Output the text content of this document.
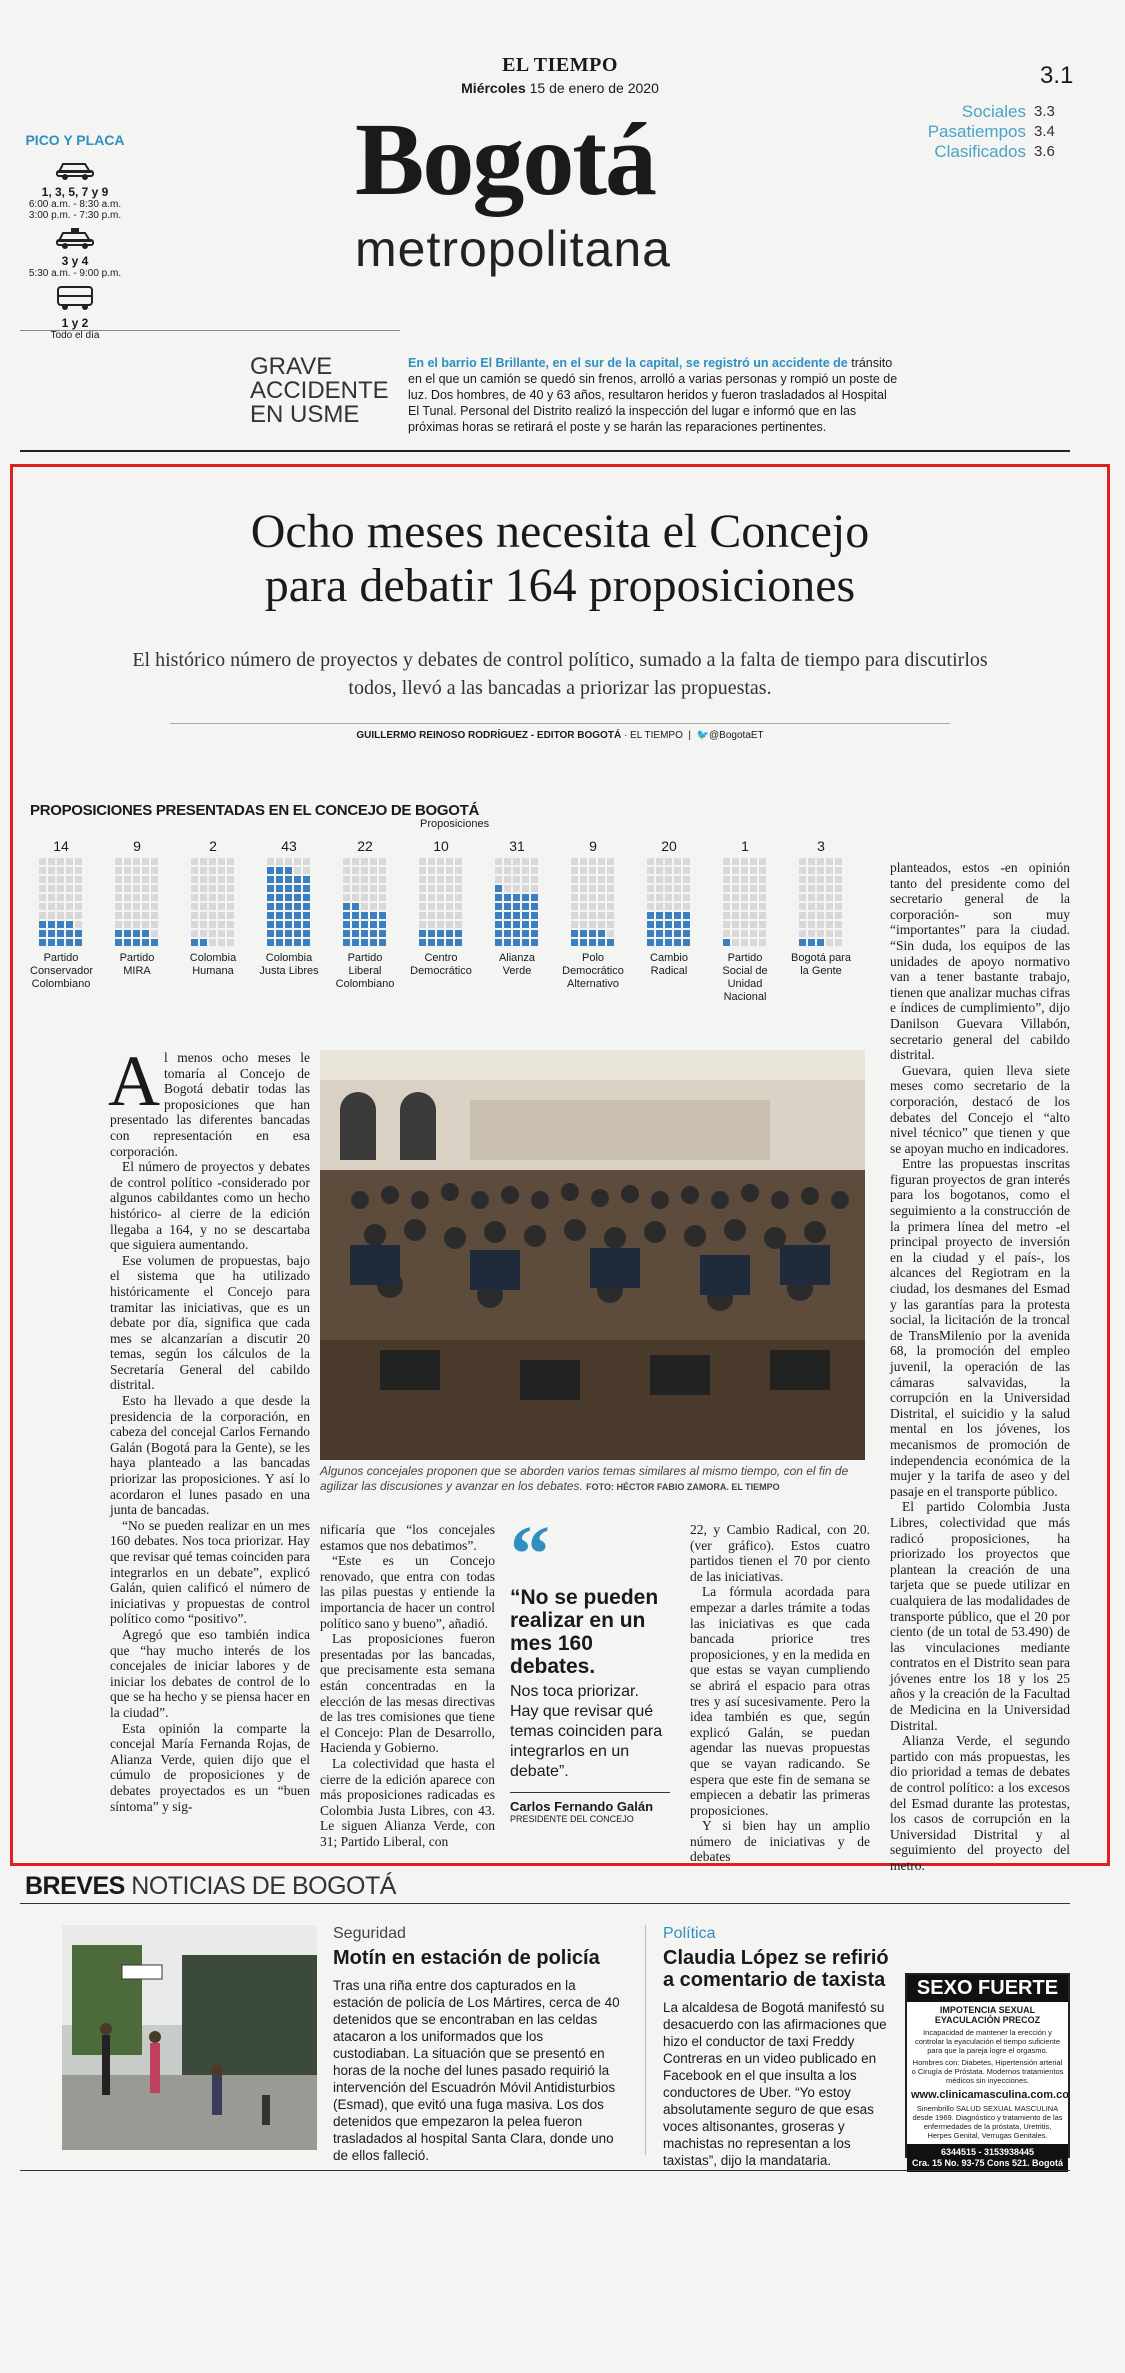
EL TIEMPO
Miércoles 15 de enero de 2020	3.1
Sociales 3.3
Pasatiempos 3.4
Clasificados 3.6
Bogotá
metropolitana
PICO Y PLACA
1, 3, 5, 7 y 9
6:00 a.m. - 8:30 a.m.
3:00 p.m. - 7:30 p.m.
3 y 4
5:30 a.m. - 9:00 p.m.
1 y 2
Todo el día
GRAVE
ACCIDENTE
EN USME
En el barrio El Brillante, en el sur de la capital, se registró un accidente de tránsito en el que un camión se quedó sin frenos, arrolló a varias personas y rompió un poste de luz. Dos hombres, de 40 y 63 años, resultaron heridos y fueron trasladados al Hospital El Tunal. Personal del Distrito realizó la inspección del lugar e informó que en las próximas horas se retirará el poste y se harán las reparaciones pertinentes.
Ocho meses necesita el Concejo
para debatir 164 proposiciones
El histórico número de proyectos y debates de control político, sumado a la falta de tiempo para discutirlos todos, llevó a las bancadas a priorizar las propuestas.
GUILLERMO REINOSO RODRÍGUEZ - EDITOR BOGOTÁ · EL TIEMPO  |  🐦@BogotaET
PROPOSICIONES PRESENTADAS EN EL CONCEJO DE BOGOTÁ
Proposiciones
14
Partido Conservador Colombiano
9
Partido MIRA
2
Colombia Humana
43
Colombia Justa Libres
22
Partido Liberal Colombiano
10
Centro Democrático
31
Alianza Verde
9
Polo Democrático Alternativo
20
Cambio Radical
1
Partido Social de Unidad Nacional
3
Bogotá para la Gente

Al menos ocho meses le tomaría al Concejo de Bogotá debatir todas las proposiciones que han presentado las diferentes bancadas con representación en esa corporación.

El número de proyectos y debates de control político -considerado por algunos cabildantes como un hecho histórico- al cierre de la edición llegaba a 164, y no se descartaba que siguiera aumentando.

Ese volumen de propuestas, bajo el sistema que ha utilizado históricamente el Concejo para tramitar las iniciativas, que es un debate por día, significa que cada mes se alcanzarían a discutir 20 temas, según los cálculos de la Secretaría General del cabildo distrital.

Esto ha llevado a que desde la presidencia de la corporación, en cabeza del concejal Carlos Fernando Galán (Bogotá para la Gente), se les haya planteado a las bancadas priorizar las proposiciones. Y así lo acordaron el lunes pasado en una junta de bancadas.

“No se pueden realizar en un mes 160 debates. Nos toca priorizar. Hay que revisar qué temas coinciden para integrarlos en un debate”, explicó Galán, quien calificó el número de iniciativas y propuestas de control político como “positivo”.

Agregó que eso también indica que “hay mucho interés de los concejales de iniciar labores y de iniciar los debates de control de lo que se ha hecho y se piensa hacer en la ciudad”.

Esta opinión la comparte la concejal María Fernanda Rojas, de Alianza Verde, quien dijo que el cúmulo de proposiciones y de debates proyectados es un “buen síntoma” y sig-

Algunos concejales proponen que se aborden varios temas similares al mismo tiempo, con el fin de agilizar las discusiones y avanzar en los debates. FOTO: HÉCTOR FABIO ZAMORA. EL TIEMPO

nificaría que “los concejales estamos que nos debatimos”.

“Este es un Concejo renovado, que entra con todas las pilas puestas y entiende la importancia de hacer un control político sano y bueno”, añadió.

Las proposiciones fueron presentadas por las bancadas, que precisamente esta semana están concentradas en la elección de las mesas directivas de las tres comisiones que tiene el Concejo: Plan de Desarrollo, Hacienda y Gobierno.

La colectividad que hasta el cierre de la edición aparece con más proposiciones radicadas es Colombia Justa Libres, con 43. Le siguen Alianza Verde, con 31; Partido Liberal, con

“
“No se pueden realizar en un mes 160 debates.
Nos toca priorizar. Hay que revisar qué temas coinciden para integrarlos en un debate”.
Carlos Fernando Galán
PRESIDENTE DEL CONCEJO

22, y Cambio Radical, con 20. (ver gráfico). Estos cuatro partidos tienen el 70 por ciento de las iniciativas.

La fórmula acordada para empezar a darles trámite a todas las iniciativas es que cada bancada priorice tres proposiciones, y en la medida en que estas se vayan cumpliendo se abrirá el espacio para otras tres y así sucesivamente. Pero la idea también es que, según explicó Galán, se puedan agendar las nuevas propuestas que se vayan radicando. Se espera que este fin de semana se empiecen a debatir las primeras proposiciones.

Y si bien hay un amplio número de iniciativas y de debates

planteados, estos -en opinión tanto del presidente como del secretario general de la corporación- son muy “importantes” para la ciudad. “Sin duda, los equipos de las unidades de apoyo normativo van a tener bastante trabajo, tienen que analizar muchas cifras e índices de cumplimiento”, dijo Danilson Guevara Villabón, secretario general del cabildo distrital.

Guevara, quien lleva siete meses como secretario de la corporación, destacó de los debates del Concejo el “alto nivel técnico” que tienen y que se apoyan mucho en indicadores.

Entre las propuestas inscritas figuran proyectos de gran interés para los bogotanos, como el seguimiento a la construcción de la primera línea del metro -el principal proyecto de inversión en la ciudad y el país-, los alcances del Regiotram en la ciudad, los desmanes del Esmad y las garantías para la protesta social, la licitación de la troncal de TransMilenio por la avenida 68, la promoción del empleo juvenil, la operación de las cámaras salvavidas, la corrupción en la Universidad Distrital, el suicidio y la salud mental en los jóvenes, los mecanismos de promoción de independencia económica de la mujer y la tarifa de aseo y del pasaje en el transporte público.

El partido Colombia Justa Libres, colectividad que más radicó proposiciones, ha priorizado los proyectos que plantean la creación de una tarjeta que se puede utilizar en cualquiera de las modalidades de transporte público, que el 20 por ciento (de un total de 53.490) de las vinculaciones mediante contratos en el Distrito sean para jóvenes entre los 18 y los 25 años y la creación de la Facultad de Medicina en la Universidad Distrital.

Alianza Verde, el segundo partido con más propuestas, les dio prioridad a temas de debates de control político: a los excesos del Esmad durante las protestas, los casos de corrupción en la Universidad Distrital y al seguimiento del proyecto del metro.

BREVES NOTICIAS DE BOGOTÁ
Seguridad
Motín en estación de policía
Tras una riña entre dos capturados en la estación de policía de Los Mártires, cerca de 40 detenidos que se encontraban en las celdas atacaron a los uniformados que los custodiaban. La situación que se presentó en horas de la noche del lunes pasado requirió la intervención del Escuadrón Móvil Antidisturbios (Esmad), que evitó una fuga masiva. Los dos detenidos que empezaron la pelea fueron trasladados al hospital Santa Clara, donde uno de ellos falleció.
Política
Claudia López se refirió a comentario de taxista
La alcaldesa de Bogotá manifestó su desacuerdo con las afirmaciones que hizo el conductor de taxi Freddy Contreras en un video publicado en Facebook en el que insulta a los conductores de Uber. “Yo estoy absolutamente seguro de que esas voces altisonantes, groseras y machistas no representan a los taxistas”, dijo la mandataria.
SEXO FUERTE
IMPOTENCIA SEXUAL EYACULACIÓN PRECOZ
Incapacidad de mantener la erección y controlar la eyaculación el tiempo suficiente para que la pareja logre el orgasmo.
Hombres con: Diabetes, Hipertensión arterial o Cirugía de Próstata. Modernos tratamientos médicos sin inyecciones.
www.clinicamasculina.com.co
Sinembrillo SALUD SEXUAL MASCULINA desde 1969. Diagnóstico y tratamiento de las enfermedades de la próstata, Uretritis, Herpes Genital, Verrugas Genitales.
6344515 - 3153938445
Cra. 15 No. 93-75 Cons 521. Bogotá
